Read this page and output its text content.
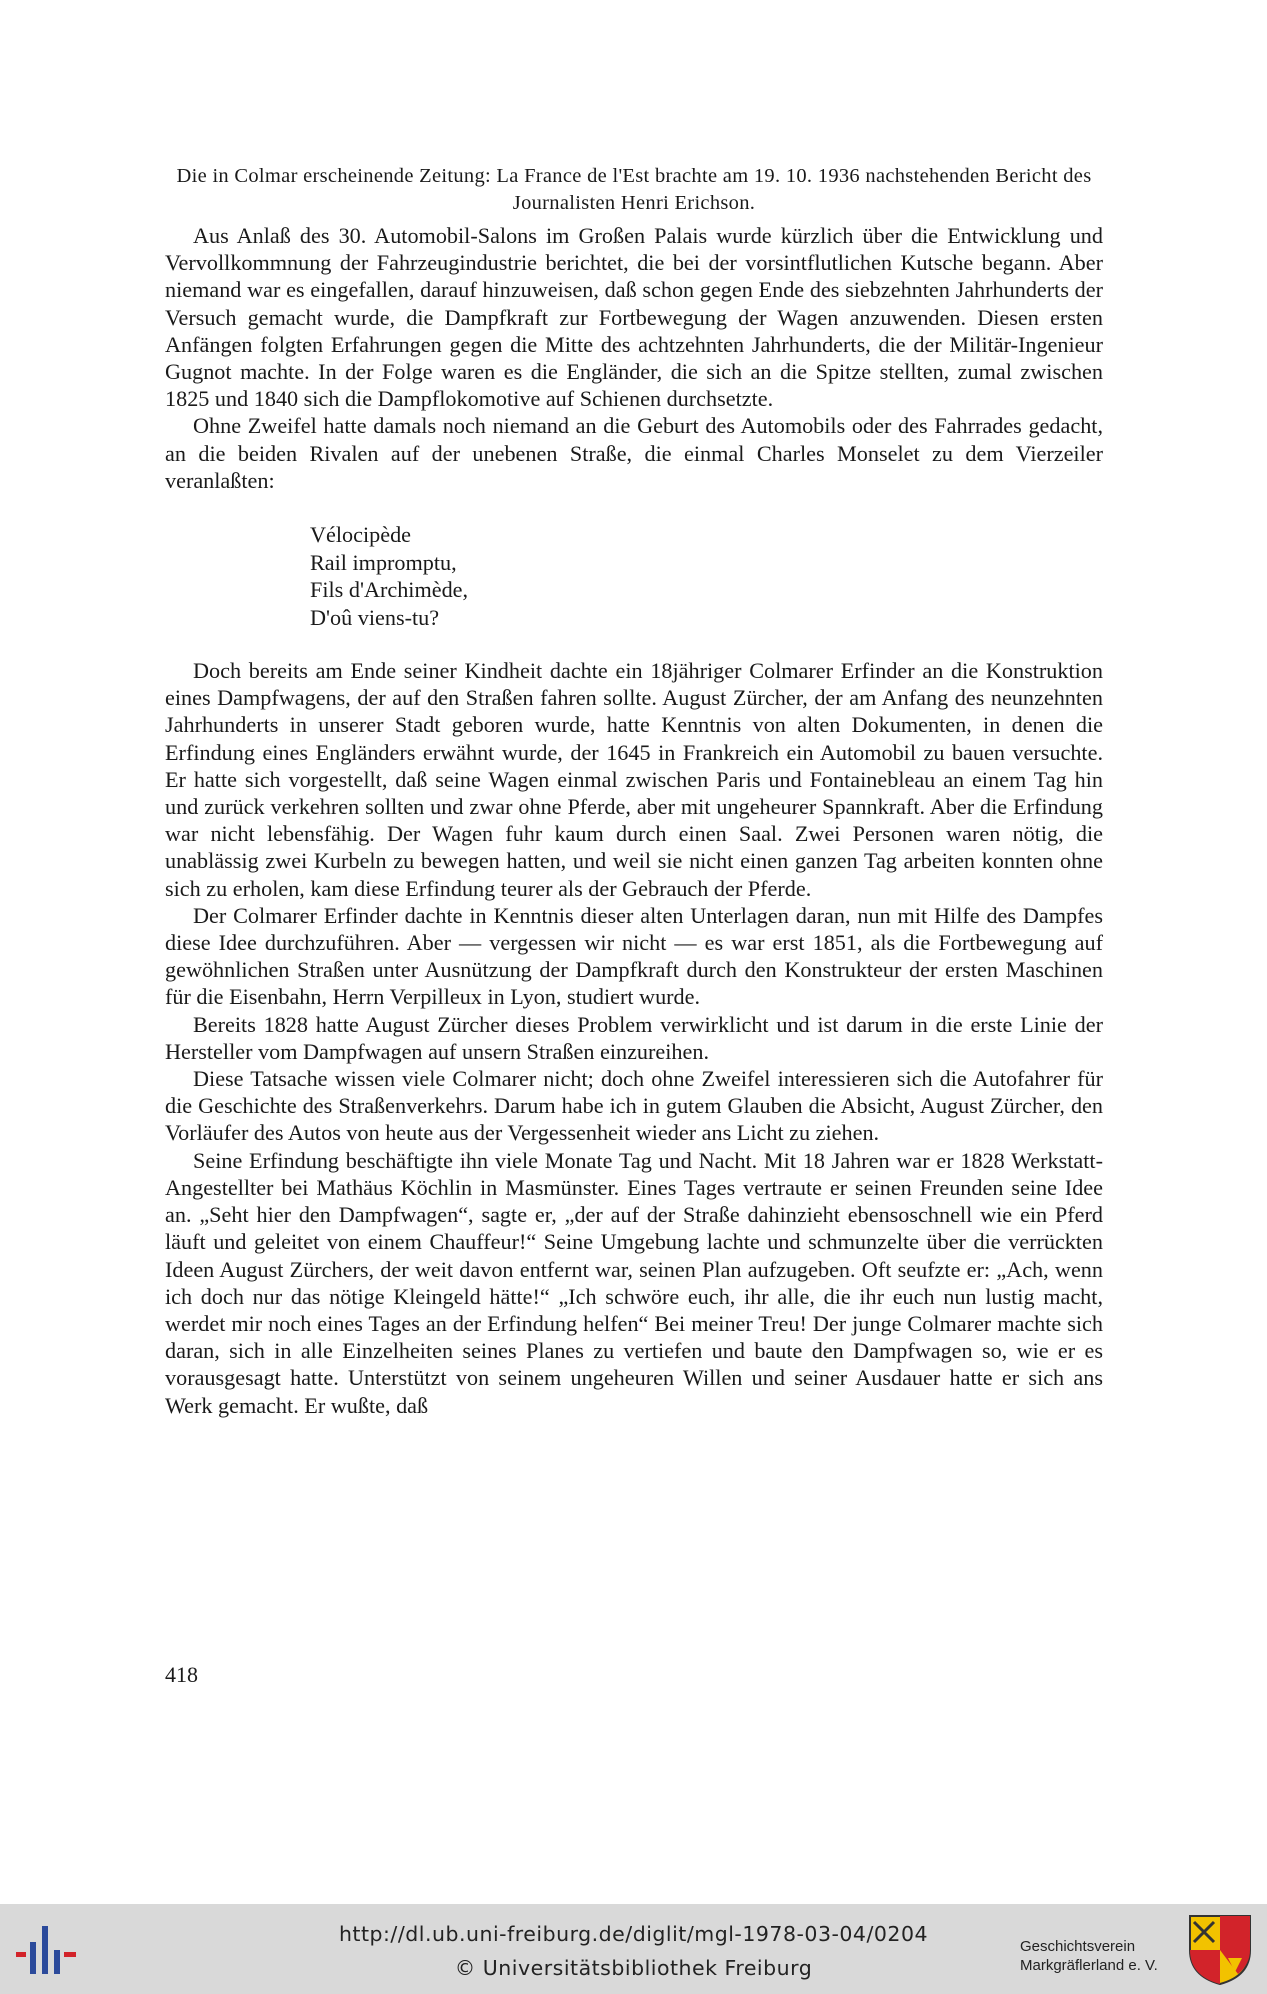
Die in Colmar erscheinende Zeitung: La France de l'Est brachte am 19. 10. 1936 nachstehenden Bericht des Journalisten Henri Erichson.

Aus Anlaß des 30. Automobil-Salons im Großen Palais wurde kürzlich über die Entwicklung und Vervollkommnung der Fahrzeugindustrie berichtet, die bei der vorsintflutlichen Kutsche begann. Aber niemand war es eingefallen, darauf hinzuweisen, daß schon gegen Ende des siebzehnten Jahrhunderts der Versuch gemacht wurde, die Dampfkraft zur Fortbewegung der Wagen anzuwenden. Diesen ersten Anfängen folgten Erfahrungen gegen die Mitte des achtzehnten Jahrhunderts, die der Militär-Ingenieur Gugnot machte. In der Folge waren es die Engländer, die sich an die Spitze stellten, zumal zwischen 1825 und 1840 sich die Dampflokomotive auf Schienen durchsetzte.

Ohne Zweifel hatte damals noch niemand an die Geburt des Automobils oder des Fahrrades gedacht, an die beiden Rivalen auf der unebenen Straße, die einmal Charles Monselet zu dem Vierzeiler veranlaßten:

Vélocipède
Rail impromptu,
Fils d'Archimède,
D'oû viens-tu?

Doch bereits am Ende seiner Kindheit dachte ein 18jähriger Colmarer Erfinder an die Konstruktion eines Dampfwagens, der auf den Straßen fahren sollte. August Zürcher, der am Anfang des neunzehnten Jahrhunderts in unserer Stadt geboren wurde, hatte Kenntnis von alten Dokumenten, in denen die Erfindung eines Engländers erwähnt wurde, der 1645 in Frankreich ein Automobil zu bauen versuchte. Er hatte sich vorgestellt, daß seine Wagen einmal zwischen Paris und Fontainebleau an einem Tag hin und zurück verkehren sollten und zwar ohne Pferde, aber mit ungeheurer Spannkraft. Aber die Erfindung war nicht lebensfähig. Der Wagen fuhr kaum durch einen Saal. Zwei Personen waren nötig, die unablässig zwei Kurbeln zu bewegen hatten, und weil sie nicht einen ganzen Tag arbeiten konnten ohne sich zu erholen, kam diese Erfindung teurer als der Gebrauch der Pferde.

Der Colmarer Erfinder dachte in Kenntnis dieser alten Unterlagen daran, nun mit Hilfe des Dampfes diese Idee durchzuführen. Aber — vergessen wir nicht — es war erst 1851, als die Fortbewegung auf gewöhnlichen Straßen unter Ausnützung der Dampfkraft durch den Konstrukteur der ersten Maschinen für die Eisenbahn, Herrn Verpilleux in Lyon, studiert wurde.

Bereits 1828 hatte August Zürcher dieses Problem verwirklicht und ist darum in die erste Linie der Hersteller vom Dampfwagen auf unsern Straßen einzureihen.

Diese Tatsache wissen viele Colmarer nicht; doch ohne Zweifel interessieren sich die Autofahrer für die Geschichte des Straßenverkehrs. Darum habe ich in gutem Glauben die Absicht, August Zürcher, den Vorläufer des Autos von heute aus der Vergessenheit wieder ans Licht zu ziehen.

Seine Erfindung beschäftigte ihn viele Monate Tag und Nacht. Mit 18 Jahren war er 1828 Werkstatt-Angestellter bei Mathäus Köchlin in Masmünster. Eines Tages vertraute er seinen Freunden seine Idee an. „Seht hier den Dampfwagen“, sagte er, „der auf der Straße dahinzieht ebensoschnell wie ein Pferd läuft und geleitet von einem Chauffeur!“ Seine Umgebung lachte und schmunzelte über die verrückten Ideen August Zürchers, der weit davon entfernt war, seinen Plan aufzugeben. Oft seufzte er: „Ach, wenn ich doch nur das nötige Kleingeld hätte!“ „Ich schwöre euch, ihr alle, die ihr euch nun lustig macht, werdet mir noch eines Tages an der Erfindung helfen“ Bei meiner Treu! Der junge Colmarer machte sich daran, sich in alle Einzelheiten seines Planes zu vertiefen und baute den Dampfwagen so, wie er es vorausgesagt hatte. Unterstützt von seinem ungeheuren Willen und seiner Ausdauer hatte er sich ans Werk gemacht. Er wußte, daß

418
http://dl.ub.uni-freiburg.de/diglit/mgl-1978-03-04/0204
© Universitätsbibliothek Freiburg
Geschichtsverein
Markgräflerland e. V.
